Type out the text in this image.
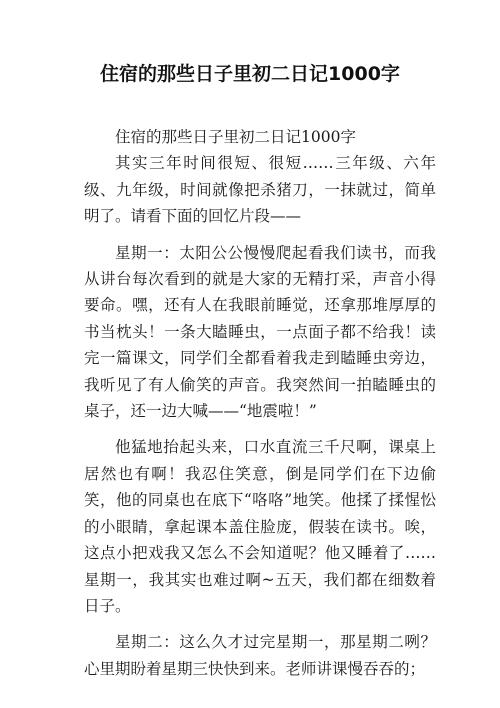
住宿的那些日子里初二日记1000字

住宿的那些日子里初二日记1000字

其实三年时间很短、很短……三年级、六年级、九年级，时间就像把杀猪刀，一抹就过，简单明了。请看下面的回忆片段——

星期一：太阳公公慢慢爬起看我们读书，而我从讲台每次看到的就是大家的无精打采，声音小得要命。嘿，还有人在我眼前睡觉，还拿那堆厚厚的书当枕头！一条大瞌睡虫，一点面子都不给我！读完一篇课文，同学们全都看着我走到瞌睡虫旁边，我听见了有人偷笑的声音。我突然间一拍瞌睡虫的桌子，还一边大喊——“地震啦！”

他猛地抬起头来，口水直流三千尺啊，课桌上居然也有啊！我忍住笑意，倒是同学们在下边偷笑，他的同桌也在底下“咯咯”地笑。他揉了揉惺忪的小眼睛，拿起课本盖住脸庞，假装在读书。唉，这点小把戏我又怎么不会知道呢？他又睡着了……星期一，我其实也难过啊~五天，我们都在细数着日子。

星期二：这么久才过完星期一，那星期二咧？心里期盼着星期三快快到来。老师讲课慢吞吞的；
